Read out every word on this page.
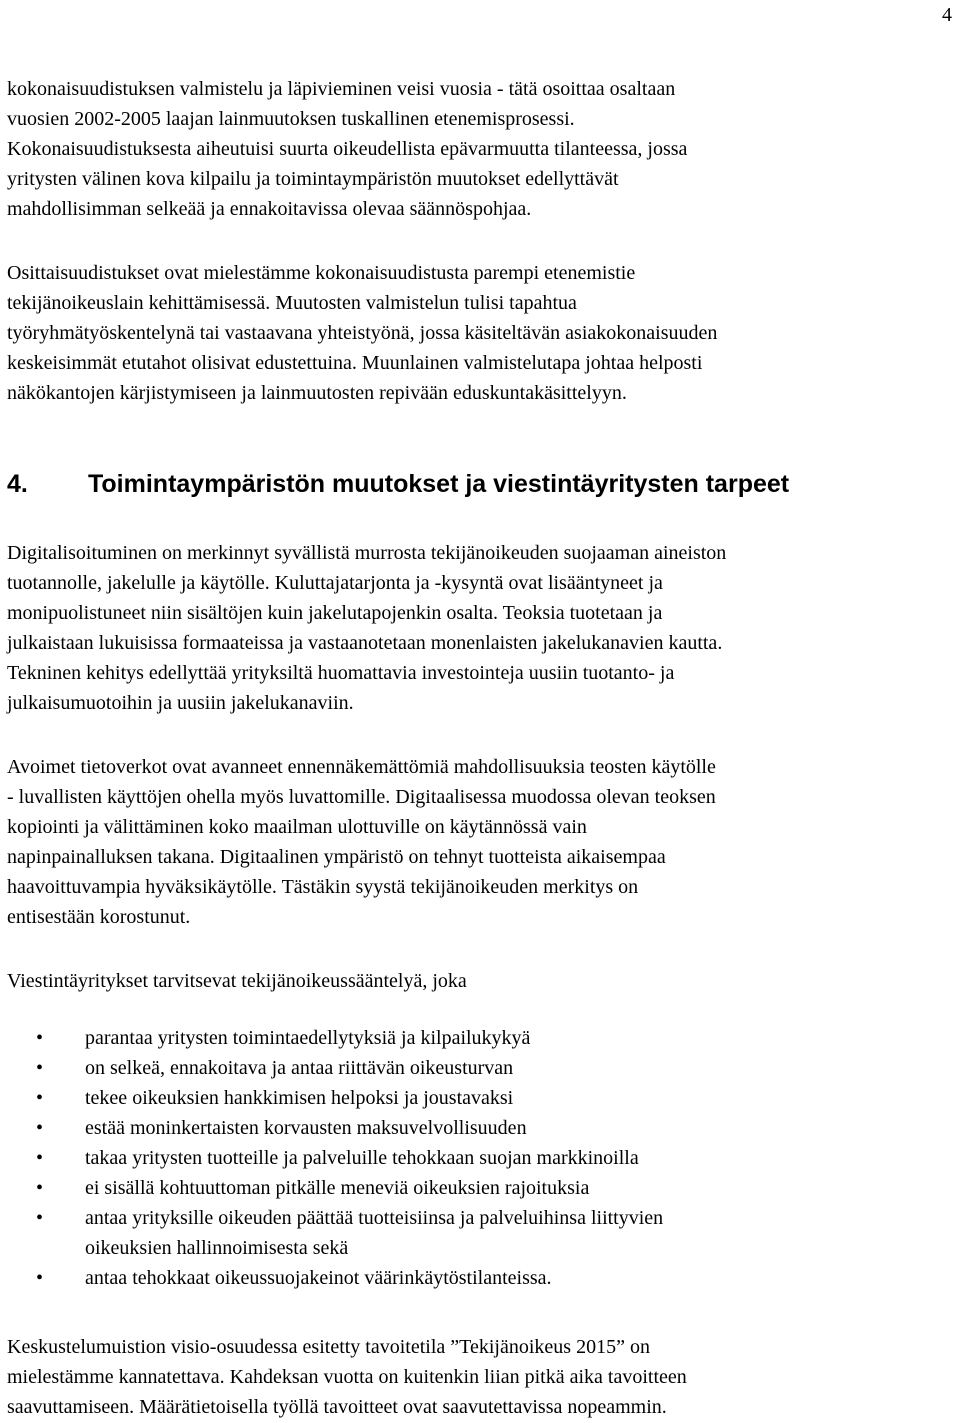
4

kokonaisuudistuksen valmistelu ja läpivieminen veisi vuosia - tätä osoittaa osaltaan
vuosien 2002-2005 laajan lainmuutoksen tuskallinen etenemisprosessi.
Kokonaisuudistuksesta aiheutuisi suurta oikeudellista epävarmuutta tilanteessa, jossa
yritysten välinen kova kilpailu ja toimintaympäristön muutokset edellyttävät
mahdollisimman selkeää ja ennakoitavissa olevaa säännöspohjaa.

Osittaisuudistukset ovat mielestämme kokonaisuudistusta parempi etenemistie
tekijänoikeuslain kehittämisessä. Muutosten valmistelun tulisi tapahtua
työryhmätyöskentelynä tai vastaavana yhteistyönä, jossa käsiteltävän asiakokonaisuuden
keskeisimmät etutahot olisivat edustettuina. Muunlainen valmistelutapa johtaa helposti
näkökantojen kärjistymiseen ja lainmuutosten repivään eduskuntakäsittelyyn.

4. Toimintaympäristön muutokset ja viestintäyritysten tarpeet

Digitalisoituminen on merkinnyt syvällistä murrosta tekijänoikeuden suojaaman aineiston
tuotannolle, jakelulle ja käytölle. Kuluttajatarjonta ja -kysyntä ovat lisääntyneet ja
monipuolistuneet niin sisältöjen kuin jakelutapojenkin osalta. Teoksia tuotetaan ja
julkaistaan lukuisissa formaateissa ja vastaanotetaan monenlaisten jakelukanavien kautta.
Tekninen kehitys edellyttää yrityksiltä huomattavia investointeja uusiin tuotanto- ja
julkaisumuotoihin ja uusiin jakelukanaviin.

Avoimet tietoverkot ovat avanneet ennennäkemättömiä mahdollisuuksia teosten käytölle
- luvallisten käyttöjen ohella myös luvattomille. Digitaalisessa muodossa olevan teoksen
kopiointi ja välittäminen koko maailman ulottuville on käytännössä vain
napinpainalluksen takana. Digitaalinen ympäristö on tehnyt tuotteista aikaisempaa
haavoittuvampia hyväksikäytölle. Tästäkin syystä tekijänoikeuden merkitys on
entisestään korostunut.

Viestintäyritykset tarvitsevat tekijänoikeussääntelyä, joka

• parantaa yritysten toimintaedellytyksiä ja kilpailukykyä
• on selkeä, ennakoitava ja antaa riittävän oikeusturvan
• tekee oikeuksien hankkimisen helpoksi ja joustavaksi
• estää moninkertaisten korvausten maksuvelvollisuuden
• takaa yritysten tuotteille ja palveluille tehokkaan suojan markkinoilla
• ei sisällä kohtuuttoman pitkälle meneviä oikeuksien rajoituksia
• antaa yrityksille oikeuden päättää tuotteisiinsa ja palveluihinsa liittyvien
oikeuksien hallinnoimisesta sekä
• antaa tehokkaat oikeussuojakeinot väärinkäytöstilanteissa.

Keskustelumuistion visio-osuudessa esitetty tavoitetila ”Tekijänoikeus 2015” on
mielestämme kannatettava. Kahdeksan vuotta on kuitenkin liian pitkä aika tavoitteen
saavuttamiseen. Määrätietoisella työllä tavoitteet ovat saavutettavissa nopeammin.
